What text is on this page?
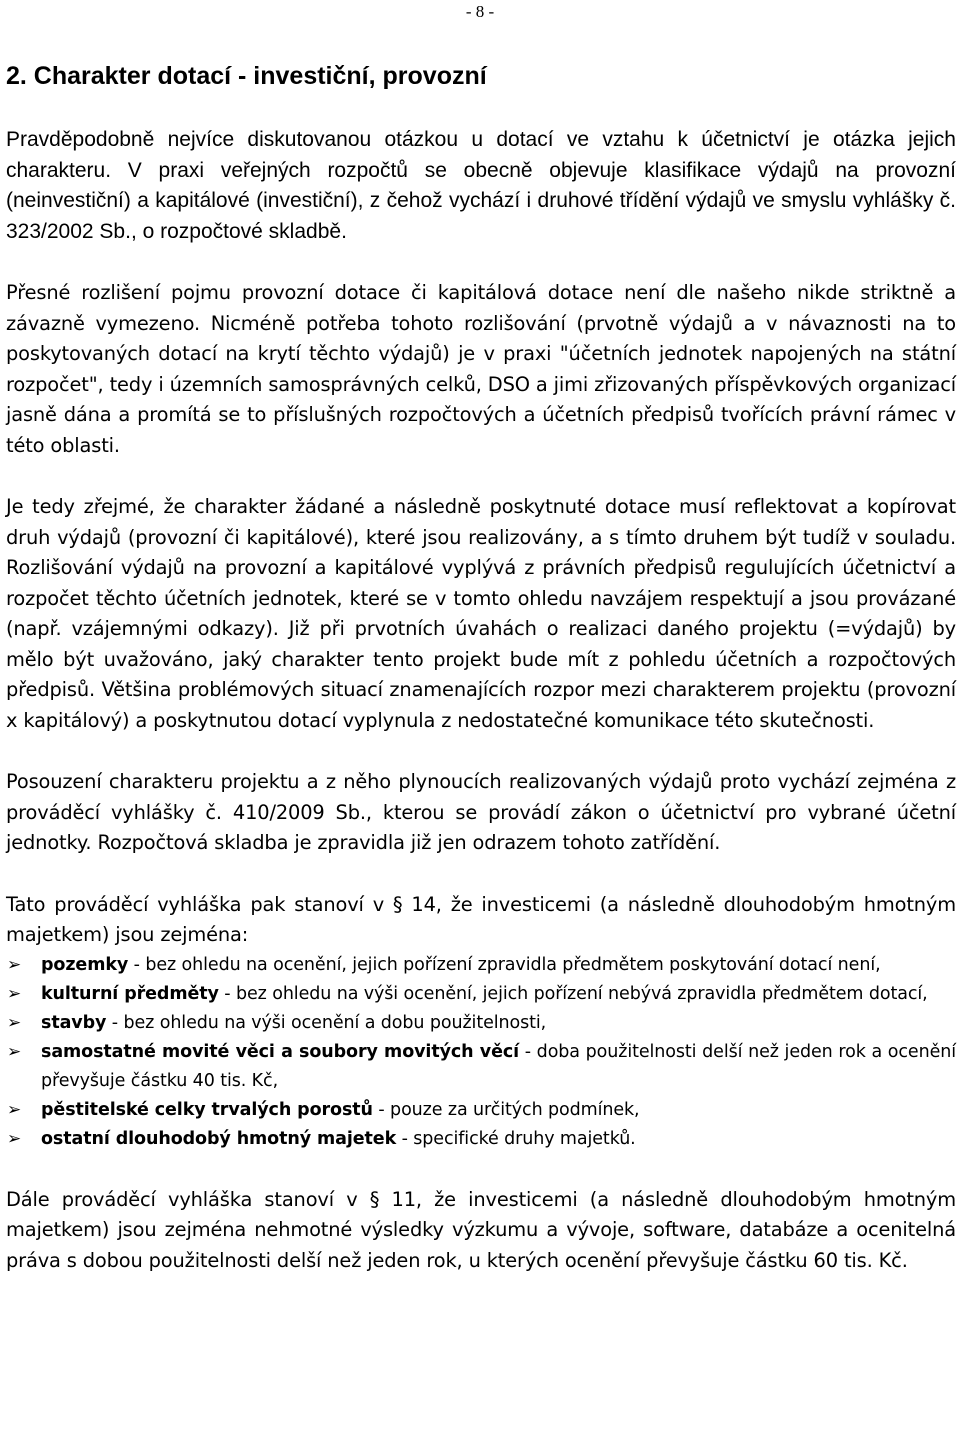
- 8 -
2. Charakter dotací - investiční, provozní

Pravděpodobně nejvíce diskutovanou otázkou u dotací ve vztahu k účetnictví je otázka jejich charakteru. V praxi veřejných rozpočtů se obecně objevuje klasifikace výdajů na provozní (neinvestiční) a kapitálové (investiční), z čehož vychází i druhové třídění výdajů ve smyslu vyhlášky č. 323/2002 Sb., o rozpočtové skladbě.

Přesné rozlišení pojmu provozní dotace či kapitálová dotace není dle našeho nikde striktně a závazně vymezeno. Nicméně potřeba tohoto rozlišování (prvotně výdajů a v návaznosti na to poskytovaných dotací na krytí těchto výdajů) je v praxi "účetních jednotek napojených na státní rozpočet", tedy i územních samosprávných celků, DSO a jimi zřizovaných příspěvkových organizací jasně dána a promítá se to příslušných rozpočtových a účetních předpisů tvořících právní rámec v této oblasti.

Je tedy zřejmé, že charakter žádané a následně poskytnuté dotace musí reflektovat a kopírovat druh výdajů (provozní či kapitálové), které jsou realizovány, a s tímto druhem být tudíž v souladu. Rozlišování výdajů na provozní a kapitálové vyplývá z právních předpisů regulujících účetnictví a rozpočet těchto účetních jednotek, které se v tomto ohledu navzájem respektují a jsou provázané (např. vzájemnými odkazy). Již při prvotních úvahách o realizaci daného projektu (=výdajů) by mělo být uvažováno, jaký charakter tento projekt bude mít z pohledu účetních a rozpočtových předpisů. Většina problémových situací znamenajících rozpor mezi charakterem projektu (provozní x kapitálový) a poskytnutou dotací vyplynula z nedostatečné komunikace této skutečnosti.

Posouzení charakteru projektu a z něho plynoucích realizovaných výdajů proto vychází zejména z prováděcí vyhlášky č. 410/2009 Sb., kterou se provádí zákon o účetnictví pro vybrané účetní jednotky. Rozpočtová skladba je zpravidla již jen odrazem tohoto zatřídění.

Tato prováděcí vyhláška pak stanoví v § 14, že investicemi (a následně dlouhodobým hmotným majetkem) jsou zejména:

➢	pozemky - bez ohledu na ocenění, jejich pořízení zpravidla předmětem poskytování dotací není,
➢	kulturní předměty - bez ohledu na výši ocenění, jejich pořízení nebývá zpravidla předmětem dotací,
➢	stavby - bez ohledu na výši ocenění a dobu použitelnosti,
➢	samostatné movité věci a soubory movitých věcí - doba použitelnosti delší než jeden rok a ocenění převyšuje částku 40 tis. Kč,
➢	pěstitelské celky trvalých porostů - pouze za určitých podmínek,
➢	ostatní dlouhodobý hmotný majetek - specifické druhy majetků.

Dále prováděcí vyhláška stanoví v § 11, že investicemi (a následně dlouhodobým hmotným majetkem) jsou zejména nehmotné výsledky výzkumu a vývoje, software, databáze a ocenitelná práva s dobou použitelnosti delší než jeden rok, u kterých ocenění převyšuje částku 60 tis. Kč.
